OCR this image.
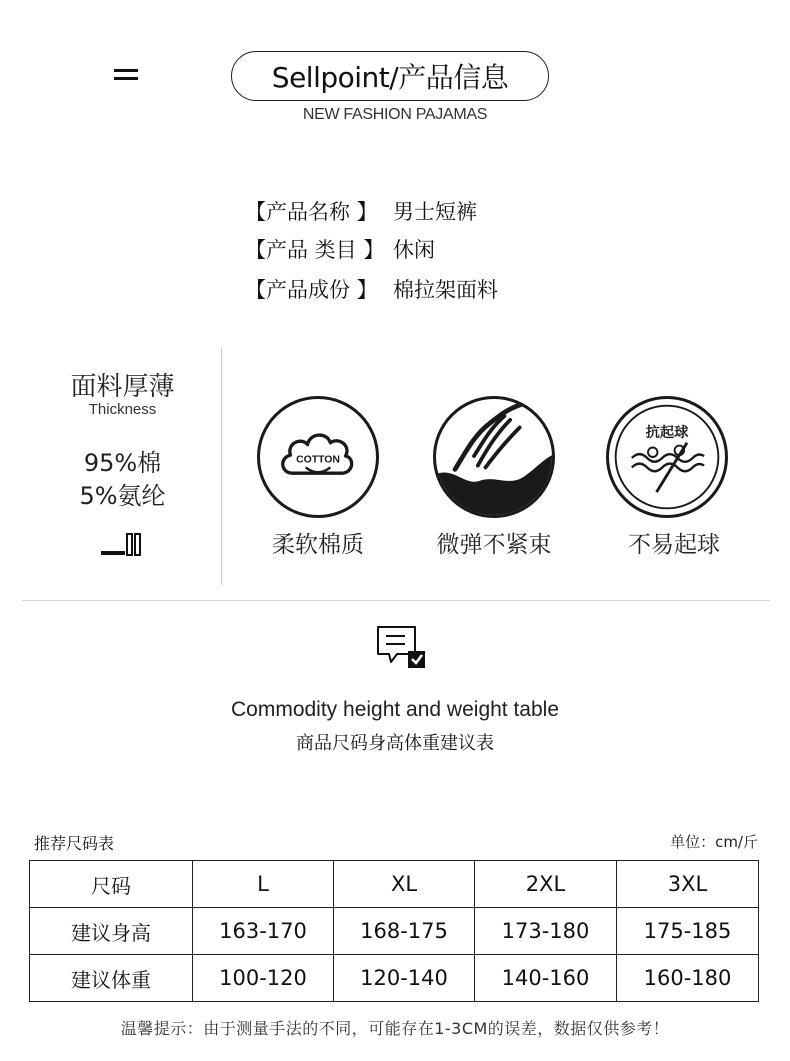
Sellpoint/产品信息
NEW FASHION PAJAMAS
【产品名称 】 男士短裤
【产品 类目 】 休闲
【产品成份 】 棉拉架面料
面料厚薄
Thickness
95%棉
5%氨纶
COTTON
抗起球
柔软棉质	微弹不紧束	不易起球
Commodity height and weight table
商品尺码身高体重建议表
推荐尺码表	单位：cm/斤
尺码	L	XL	2XL	3XL
建议身高	163-170	168-175	173-180	175-185
建议体重	100-120	120-140	140-160	160-180
温馨提示：由于测量手法的不同，可能存在1-3CM的误差，数据仅供参考！
